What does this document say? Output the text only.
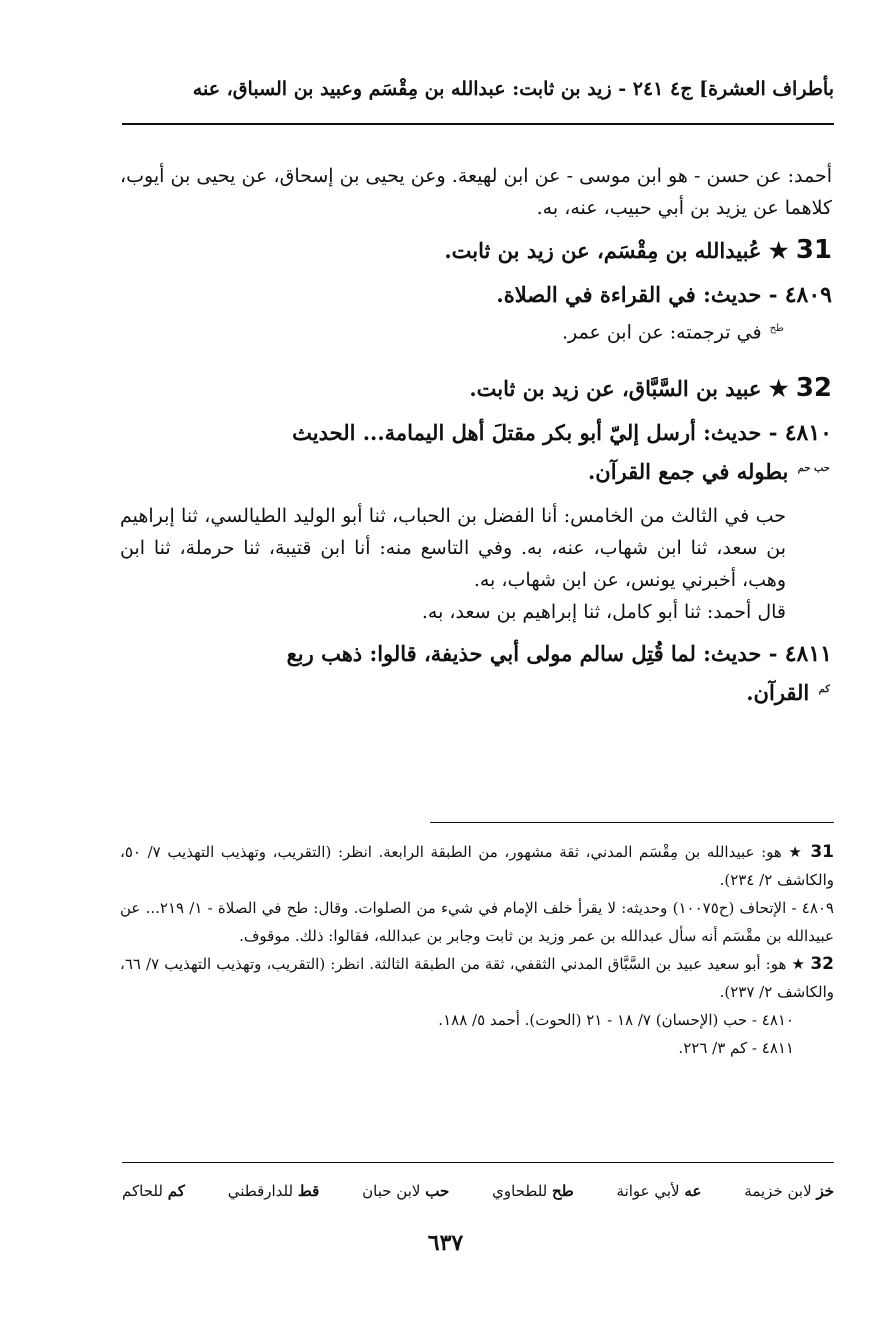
بأطراف العشرة] ج٤ ٢٤١ - زيد بن ثابت: عبدالله بن مِقْسَم وعبيد بن السباق، عنه

أحمد: عن حسن - هو ابن موسى - عن ابن لهيعة. وعن يحيى بن إسحاق، عن يحيى بن أيوب، كلاهما عن يزيد بن أبي حبيب، عنه، به.

31 ★ عُبيدالله بن مِقْسَم، عن زيد بن ثابت.

٤٨٠٩ - حديث: في القراءة في الصلاة.

$^{طح}$ في ترجمته: عن ابن عمر.

32 ★ عبيد بن السَّبَّاق، عن زيد بن ثابت.

٤٨١٠ - حديث: أرسل إليّ أبو بكر مقتلَ أهل اليمامة... الحديث

$^{حب حم}$ بطوله في جمع القرآن.

حب في الثالث من الخامس: أنا الفضل بن الحباب، ثنا أبو الوليد الطيالسي، ثنا إبراهيم بن سعد، ثنا ابن شهاب، عنه، به. وفي التاسع منه: أنا ابن قتيبة، ثنا حرملة، ثنا ابن وهب، أخبرني يونس، عن ابن شهاب، به.

قال أحمد: ثنا أبو كامل، ثنا إبراهيم بن سعد، به.

٤٨١١ - حديث: لما قُتِل سالم مولى أبي حذيفة، قالوا: ذهب ربع

$^{كم}$ القرآن.

31 ★ هو: عبيدالله بن مِقْسَم المدني، ثقة مشهور، من الطبقة الرابعة. انظر: (التقريب، وتهذيب التهذيب ٧/ ٥٠، والكاشف ٢/ ٢٣٤).

٤٨٠٩ - الإتحاف (ح١٠٠٧٥) وحديثه: لا يقرأ خلف الإمام في شيء من الصلوات. وقال: طح في الصلاة - ١/ ٢١٩... عن عبيدالله بن مقْسَم أنه سأل عبدالله بن عمر وزيد بن ثابت وجابر بن عبدالله، فقالوا: ذلك. موقوف.

32 ★ هو: أبو سعيد عبيد بن السَّبَّاق المدني الثقفي، ثقة من الطبقة الثالثة. انظر: (التقريب، وتهذيب التهذيب ٧/ ٦٦، والكاشف ٢/ ٢٣٧).

٤٨١٠ - حب (الإحسان) ٧/ ١٨ - ٢١ (الحوت). أحمد ٥/ ١٨٨.

٤٨١١ - كم ٣/ ٢٢٦.

خز لابن خزيمة
عه لأبي عوانة
طح للطحاوي
حب لابن حبان
قط للدارقطني
كم للحاكم
٦٣٧
